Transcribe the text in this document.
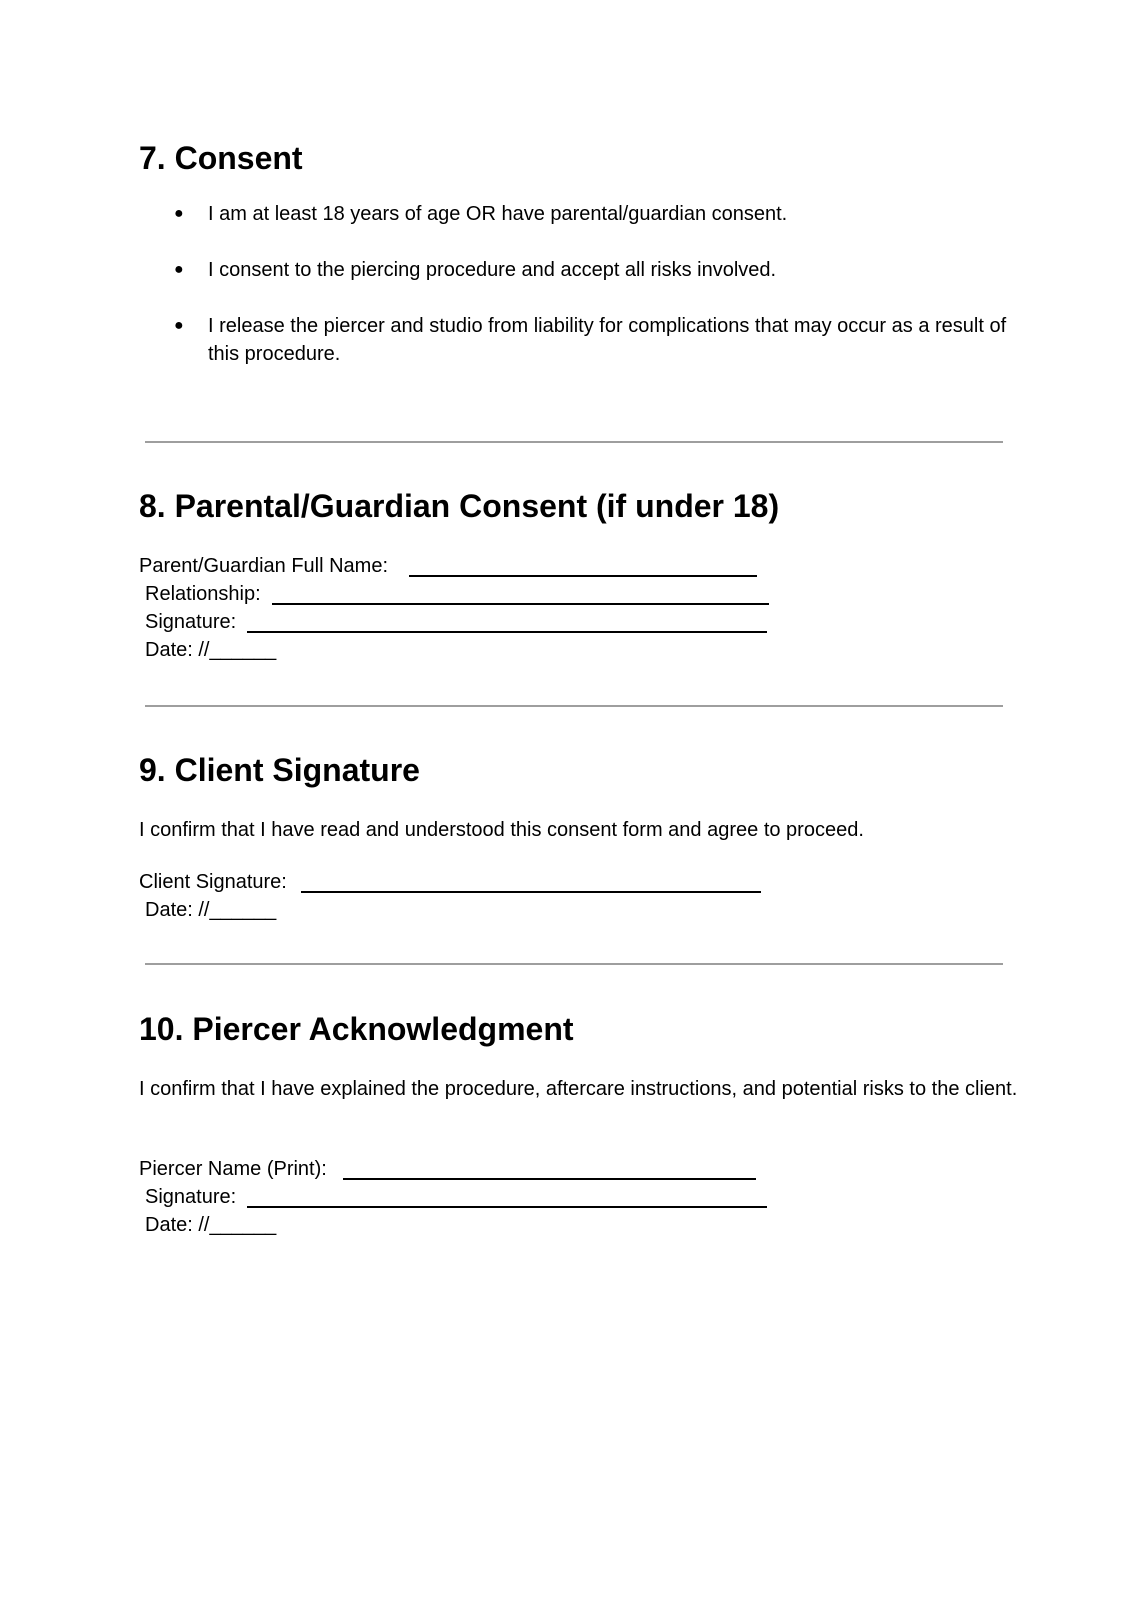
7. Consent
● I am at least 18 years of age OR have parental/guardian consent.
● I consent to the piercing procedure and accept all risks involved.
● I release the piercer and studio from liability for complications that may occur as a result of this procedure.
8. Parental/Guardian Consent (if under 18)
Parent/Guardian Full Name:
Relationship:
Signature:
Date: //______
9. Client Signature

I confirm that I have read and understood this consent form and agree to proceed.

Client Signature:
Date: //______
10. Piercer Acknowledgment

I confirm that I have explained the procedure, aftercare instructions, and potential risks to the client.

Piercer Name (Print):
Signature:
Date: //______
